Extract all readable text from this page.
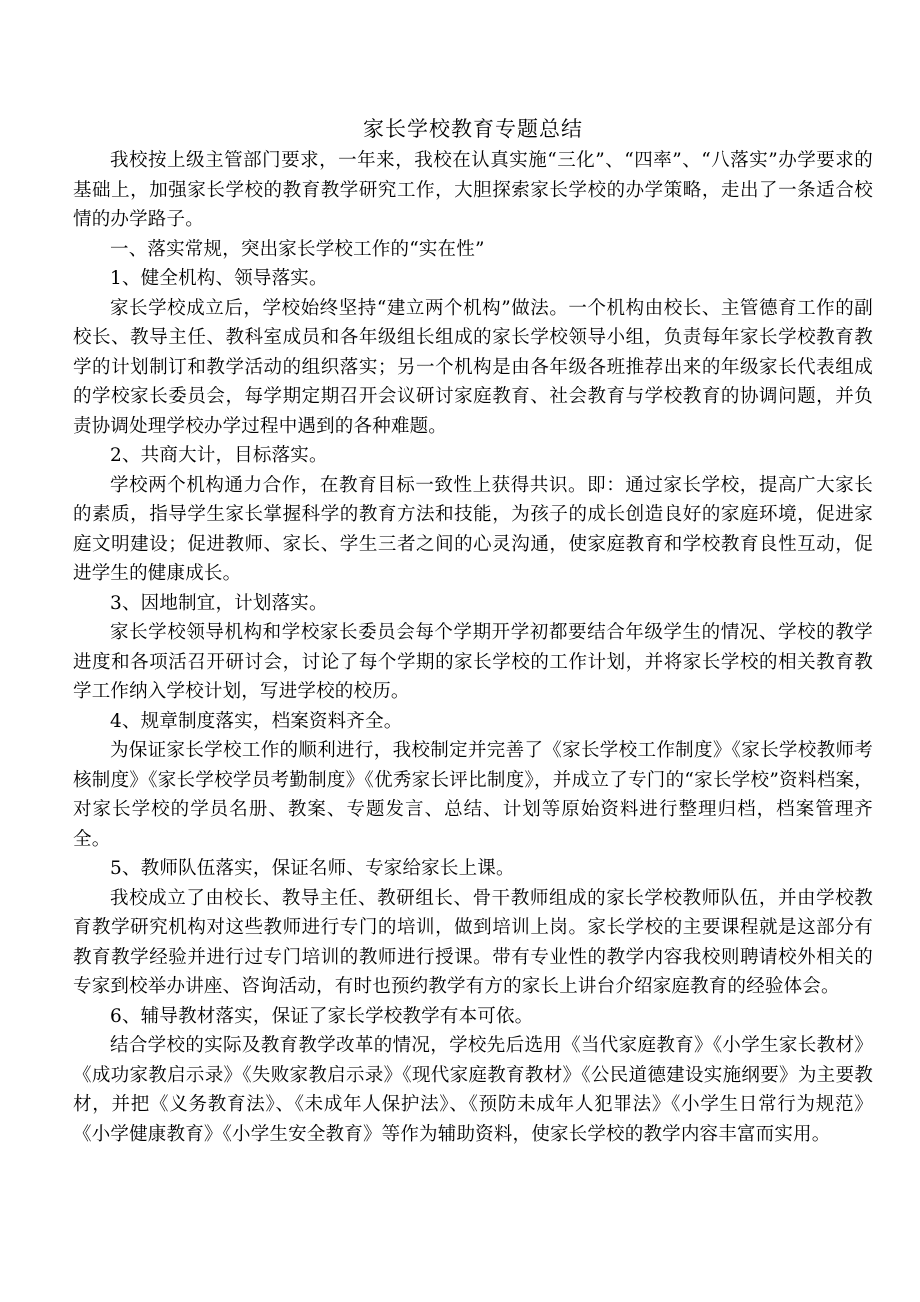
家长学校教育专题总结

我校按上级主管部门要求，一年来，我校在认真实施“三化”、“四率”、“八落实”办学要求的基础上，加强家长学校的教育教学研究工作，大胆探索家长学校的办学策略，走出了一条适合校情的办学路子。

一、落实常规，突出家长学校工作的“实在性”

1、健全机构、领导落实。

家长学校成立后，学校始终坚持“建立两个机构”做法。一个机构由校长、主管德育工作的副校长、教导主任、教科室成员和各年级组长组成的家长学校领导小组，负责每年家长学校教育教学的计划制订和教学活动的组织落实；另一个机构是由各年级各班推荐出来的年级家长代表组成的学校家长委员会，每学期定期召开会议研讨家庭教育、社会教育与学校教育的协调问题，并负责协调处理学校办学过程中遇到的各种难题。

2、共商大计，目标落实。

学校两个机构通力合作，在教育目标一致性上获得共识。即：通过家长学校，提高广大家长的素质，指导学生家长掌握科学的教育方法和技能，为孩子的成长创造良好的家庭环境，促进家庭文明建设；促进教师、家长、学生三者之间的心灵沟通，使家庭教育和学校教育良性互动，促进学生的健康成长。

3、因地制宜，计划落实。

家长学校领导机构和学校家长委员会每个学期开学初都要结合年级学生的情况、学校的教学进度和各项活召开研讨会，讨论了每个学期的家长学校的工作计划，并将家长学校的相关教育教学工作纳入学校计划，写进学校的校历。

4、规章制度落实，档案资料齐全。

为保证家长学校工作的顺利进行，我校制定并完善了《家长学校工作制度》《家长学校教师考核制度》《家长学校学员考勤制度》《优秀家长评比制度》，并成立了专门的“家长学校”资料档案，对家长学校的学员名册、教案、专题发言、总结、计划等原始资料进行整理归档，档案管理齐全。

5、教师队伍落实，保证名师、专家给家长上课。

我校成立了由校长、教导主任、教研组长、骨干教师组成的家长学校教师队伍，并由学校教育教学研究机构对这些教师进行专门的培训，做到培训上岗。家长学校的主要课程就是这部分有教育教学经验并进行过专门培训的教师进行授课。带有专业性的教学内容我校则聘请校外相关的专家到校举办讲座、咨询活动，有时也预约教学有方的家长上讲台介绍家庭教育的经验体会。

6、辅导教材落实，保证了家长学校教学有本可依。

结合学校的实际及教育教学改革的情况，学校先后选用《当代家庭教育》《小学生家长教材》《成功家教启示录》《失败家教启示录》《现代家庭教育教材》《公民道德建设实施纲要》为主要教材，并把《义务教育法》、《未成年人保护法》、《预防未成年人犯罪法》《小学生日常行为规范》《小学健康教育》《小学生安全教育》等作为辅助资料，使家长学校的教学内容丰富而实用。
